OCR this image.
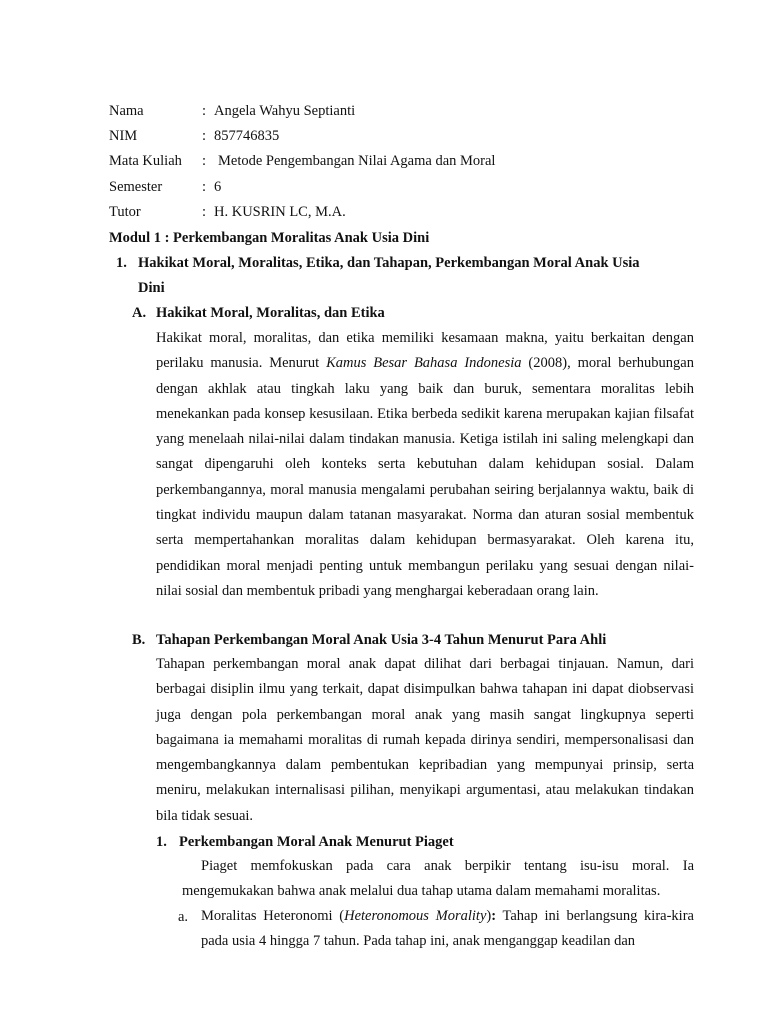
Nama	: Angela Wahyu Septianti
NIM	: 857746835
Mata Kuliah : Metode Pengembangan Nilai Agama dan Moral
Semester	: 6
Tutor	: H. KUSRIN LC, M.A.
Modul 1 : Perkembangan Moralitas Anak Usia Dini
1. Hakikat Moral, Moralitas, Etika, dan Tahapan, Perkembangan Moral Anak Usia
Dini
A. Hakikat Moral, Moralitas, dan Etika

Hakikat moral, moralitas, dan etika memiliki kesamaan makna, yaitu berkaitan dengan perilaku manusia. Menurut Kamus Besar Bahasa Indonesia (2008), moral berhubungan dengan akhlak atau tingkah laku yang baik dan buruk, sementara moralitas lebih menekankan pada konsep kesusilaan. Etika berbeda sedikit karena merupakan kajian filsafat yang menelaah nilai-nilai dalam tindakan manusia. Ketiga istilah ini saling melengkapi dan sangat dipengaruhi oleh konteks serta kebutuhan dalam kehidupan sosial. Dalam perkembangannya, moral manusia mengalami perubahan seiring berjalannya waktu, baik di tingkat individu maupun dalam tatanan masyarakat. Norma dan aturan sosial membentuk serta mempertahankan moralitas dalam kehidupan bermasyarakat. Oleh karena itu, pendidikan moral menjadi penting untuk membangun perilaku yang sesuai dengan nilai-nilai sosial dan membentuk pribadi yang menghargai keberadaan orang lain.

B. Tahapan Perkembangan Moral Anak Usia 3-4 Tahun Menurut Para Ahli

Tahapan perkembangan moral anak dapat dilihat dari berbagai tinjauan. Namun, dari berbagai disiplin ilmu yang terkait, dapat disimpulkan bahwa tahapan ini dapat diobservasi juga dengan pola perkembangan moral anak yang masih sangat lingkupnya seperti bagaimana ia memahami moralitas di rumah kepada dirinya sendiri, mempersonalisasi dan mengembangkannya dalam pembentukan kepribadian yang mempunyai prinsip, serta meniru, melakukan internalisasi pilihan, menyikapi argumentasi, atau melakukan tindakan bila tidak sesuai.

1. Perkembangan Moral Anak Menurut Piaget

Piaget memfokuskan pada cara anak berpikir tentang isu-isu moral. Ia mengemukakan bahwa anak melalui dua tahap utama dalam memahami moralitas.

a. Moralitas Heteronomi (Heteronomous Morality): Tahap ini berlangsung kira-kira pada usia 4 hingga 7 tahun. Pada tahap ini, anak menganggap keadilan dan
